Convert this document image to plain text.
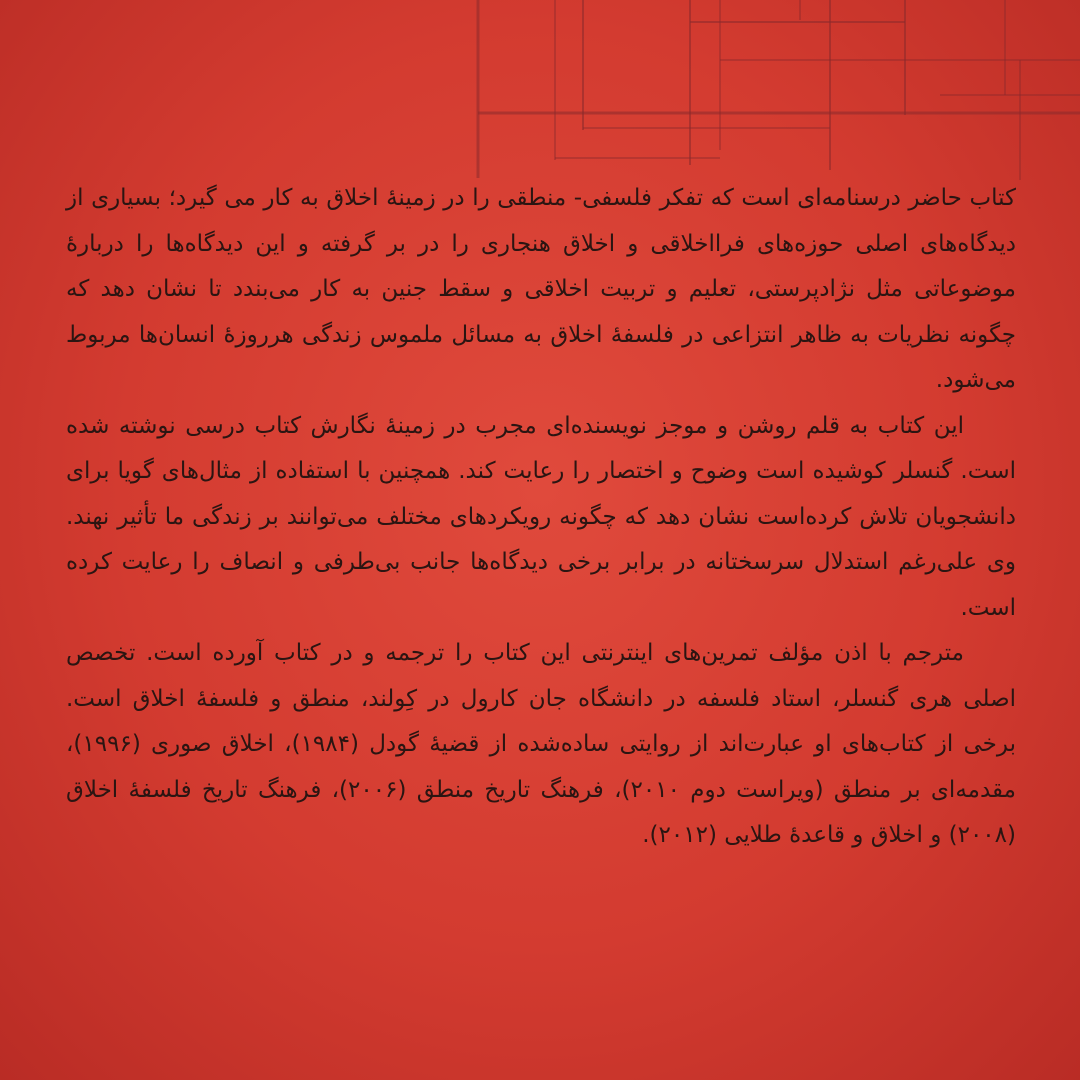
کتاب حاضر درسنامه‌ای است که تفکر فلسفی- منطقی را در زمینهٔ اخلاق به کار می گیرد؛ بسیاری از دیدگاه‌های اصلی حوزه‌های فرااخلاقی و اخلاق هنجاری را در بر گرفته و این دیدگاه‌ها را دربارهٔ موضوعاتی مثل نژادپرستی، تعلیم و تربیت اخلاقی و سقط جنین به کار می‌بندد تا نشان دهد که چگونه نظریات به ظاهر انتزاعی در فلسفهٔ اخلاق به مسائل ملموس زندگی هرروزهٔ انسان‌ها مربوط می‌شود.

این کتاب به قلم روشن و موجز نویسنده‌ای مجرب در زمینهٔ نگارش کتاب درسی نوشته شده است. گنسلر کوشیده است وضوح و اختصار را رعایت کند. همچنین با استفاده از مثال‌های گویا برای دانشجویان تلاش کرده‌است نشان دهد که چگونه رویکردهای مختلف می‌توانند بر زندگی ما تأثیر نهند. وی علی‌رغم استدلال سرسختانه در برابر برخی دیدگاه‌ها جانب بی‌طرفی و انصاف را رعایت کرده است.

مترجم با اذن مؤلف تمرین‌های اینترنتی این کتاب را ترجمه و در کتاب آورده است. تخصص اصلی هری گنسلر، استاد فلسفه در دانشگاه جان کارول در کِولند، منطق و فلسفهٔ اخلاق است. برخی از کتاب‌های او عبارت‌اند از روایتی ساده‌شده از قضیهٔ گودل (۱۹۸۴)، اخلاق صوری (۱۹۹۶)، مقدمه‌ای بر منطق (ویراست دوم ۲۰۱۰)، فرهنگ تاریخ منطق (۲۰۰۶)، فرهنگ تاریخ فلسفهٔ اخلاق (۲۰۰۸) و اخلاق و قاعدهٔ طلایی (۲۰۱۲).
